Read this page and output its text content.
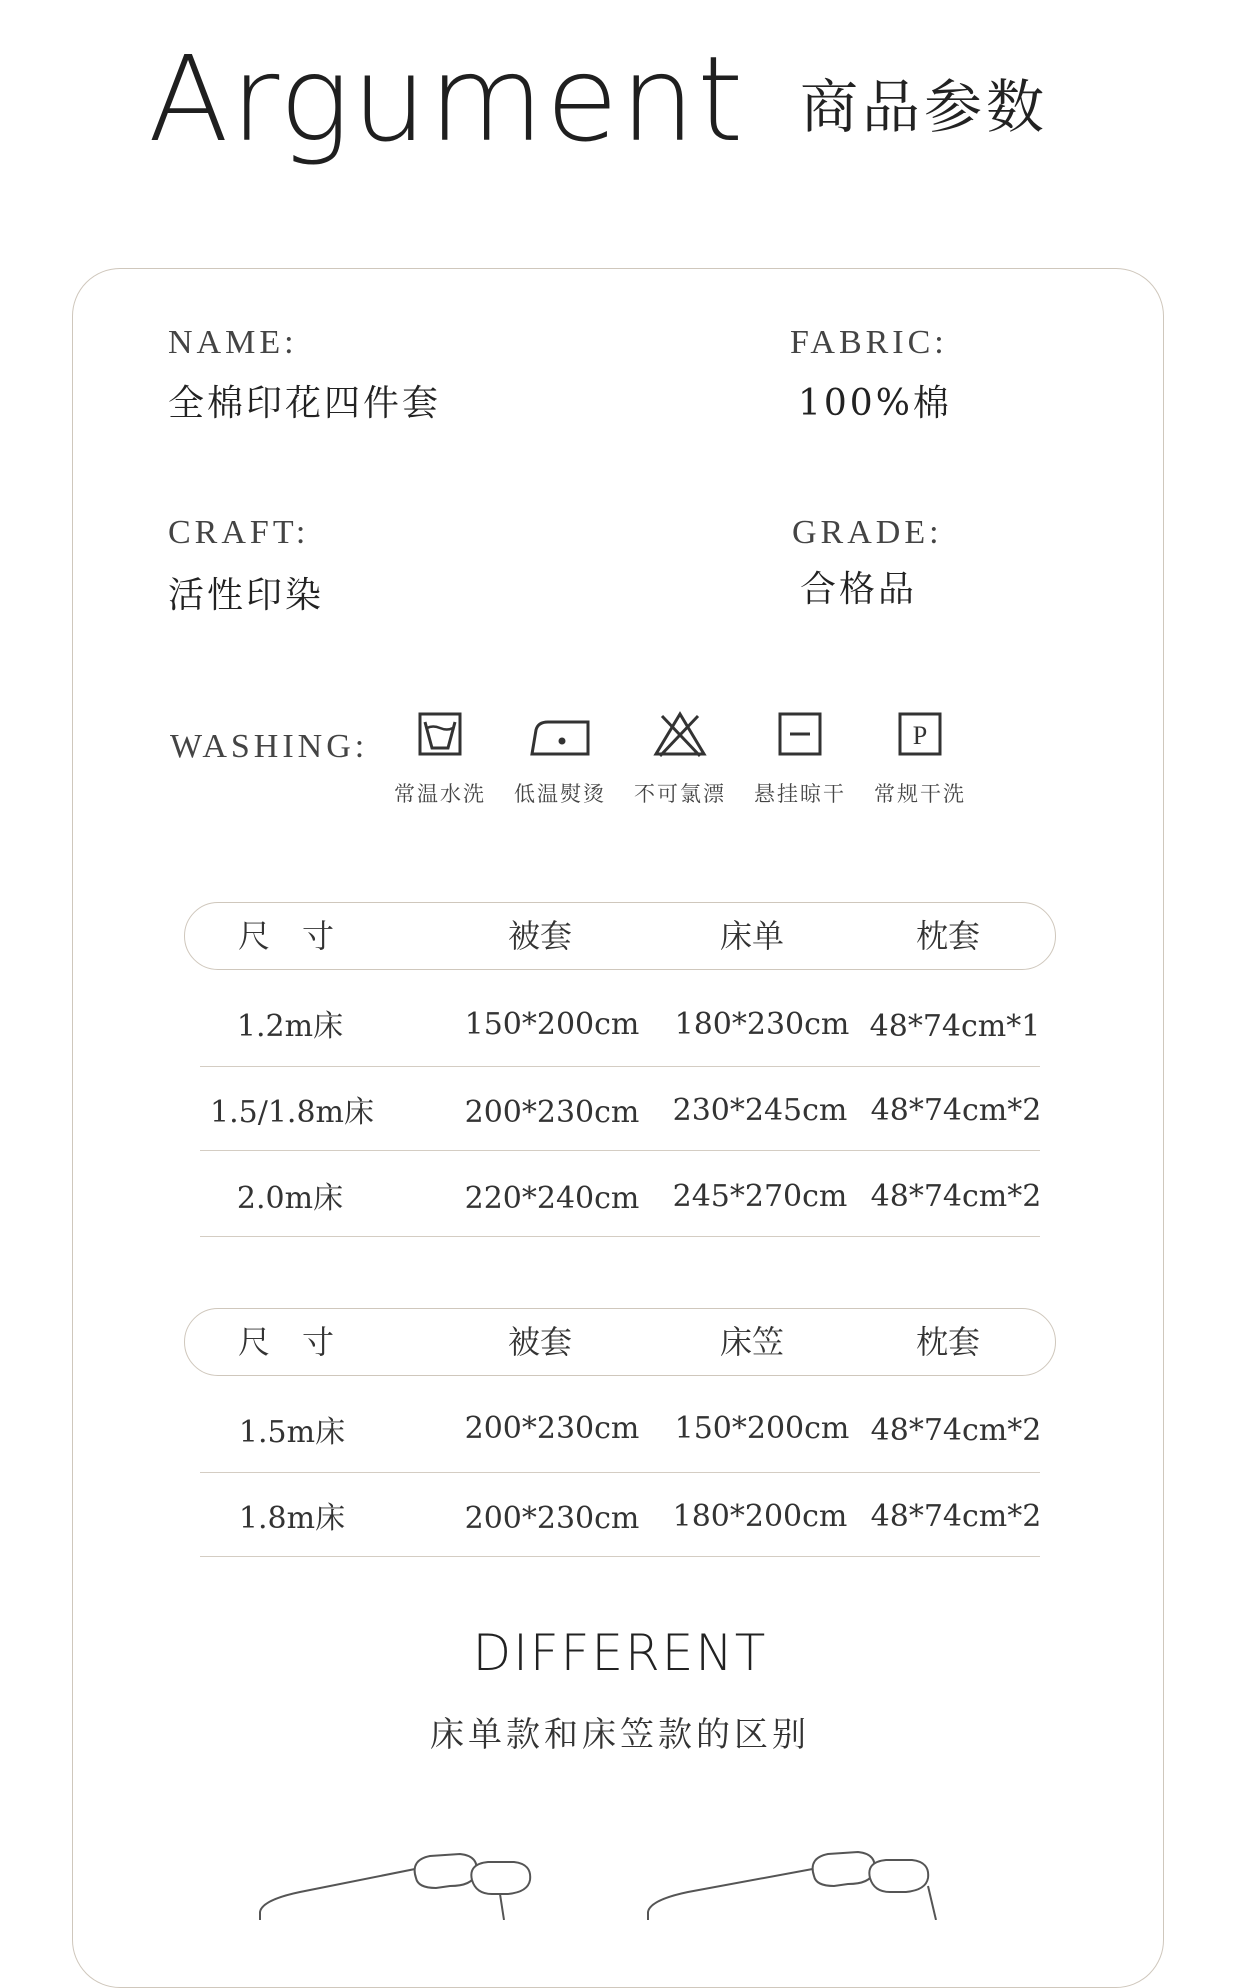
Argument 商品参数
NAME:
全棉印花四件套
FABRIC:
100%棉
CRAFT:
活性印染
GRADE:
合格品
WASHING:
常温水洗	低温熨烫	不可氯漂	悬挂晾干
P
常规干洗
尺　寸	被套	床单	枕套
1.2m床	150*200cm 180*230cm 48*74cm*1
1.5/1.8m床	200*230cm 230*245cm 48*74cm*2
2.0m床	220*240cm 245*270cm 48*74cm*2
尺　寸	被套	床笠	枕套
1.5m床	200*230cm 150*200cm 48*74cm*2
1.8m床	200*230cm 180*200cm 48*74cm*2
DIFFERENT
床单款和床笠款的区别
